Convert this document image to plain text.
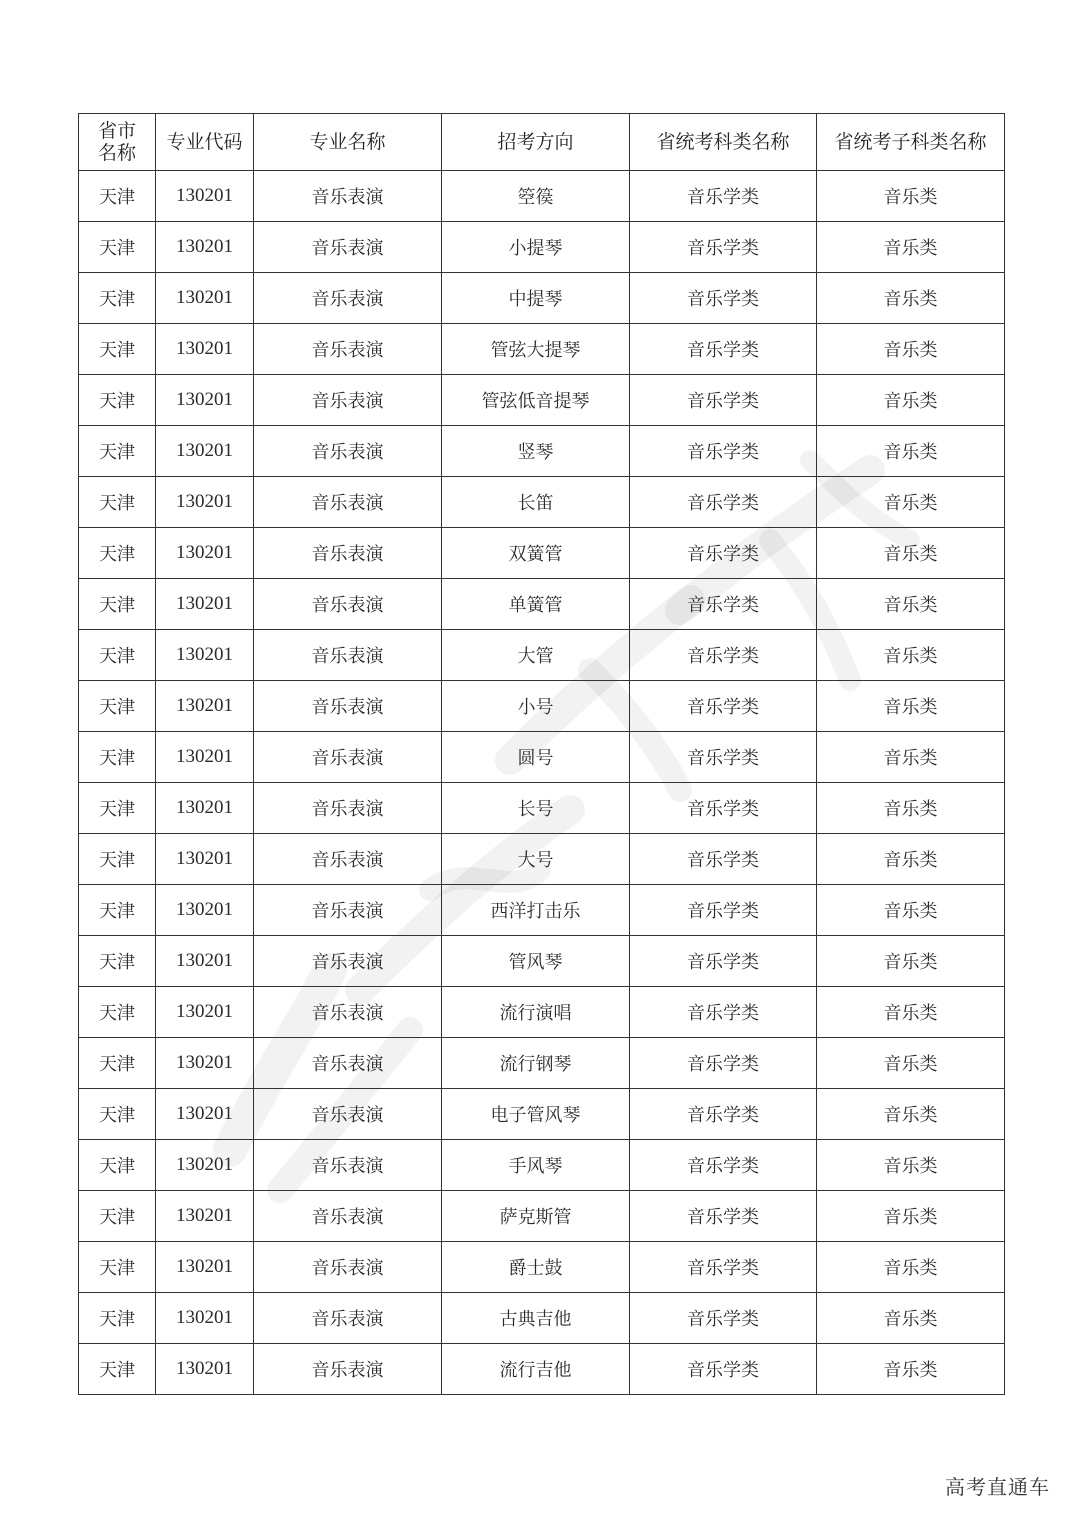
省市名称	专业代码	专业名称	招考方向	省统考科类名称	省统考子科类名称
天津	130201	音乐表演	箜篌	音乐学类	音乐类
天津	130201	音乐表演	小提琴	音乐学类	音乐类
天津	130201	音乐表演	中提琴	音乐学类	音乐类
天津	130201	音乐表演	管弦大提琴	音乐学类	音乐类
天津	130201	音乐表演	管弦低音提琴	音乐学类	音乐类
天津	130201	音乐表演	竖琴	音乐学类	音乐类
天津	130201	音乐表演	长笛	音乐学类	音乐类
天津	130201	音乐表演	双簧管	音乐学类	音乐类
天津	130201	音乐表演	单簧管	音乐学类	音乐类
天津	130201	音乐表演	大管	音乐学类	音乐类
天津	130201	音乐表演	小号	音乐学类	音乐类
天津	130201	音乐表演	圆号	音乐学类	音乐类
天津	130201	音乐表演	长号	音乐学类	音乐类
天津	130201	音乐表演	大号	音乐学类	音乐类
天津	130201	音乐表演	西洋打击乐	音乐学类	音乐类
天津	130201	音乐表演	管风琴	音乐学类	音乐类
天津	130201	音乐表演	流行演唱	音乐学类	音乐类
天津	130201	音乐表演	流行钢琴	音乐学类	音乐类
天津	130201	音乐表演	电子管风琴	音乐学类	音乐类
天津	130201	音乐表演	手风琴	音乐学类	音乐类
天津	130201	音乐表演	萨克斯管	音乐学类	音乐类
天津	130201	音乐表演	爵士鼓	音乐学类	音乐类
天津	130201	音乐表演	古典吉他	音乐学类	音乐类
天津	130201	音乐表演	流行吉他	音乐学类	音乐类
高考直通车
